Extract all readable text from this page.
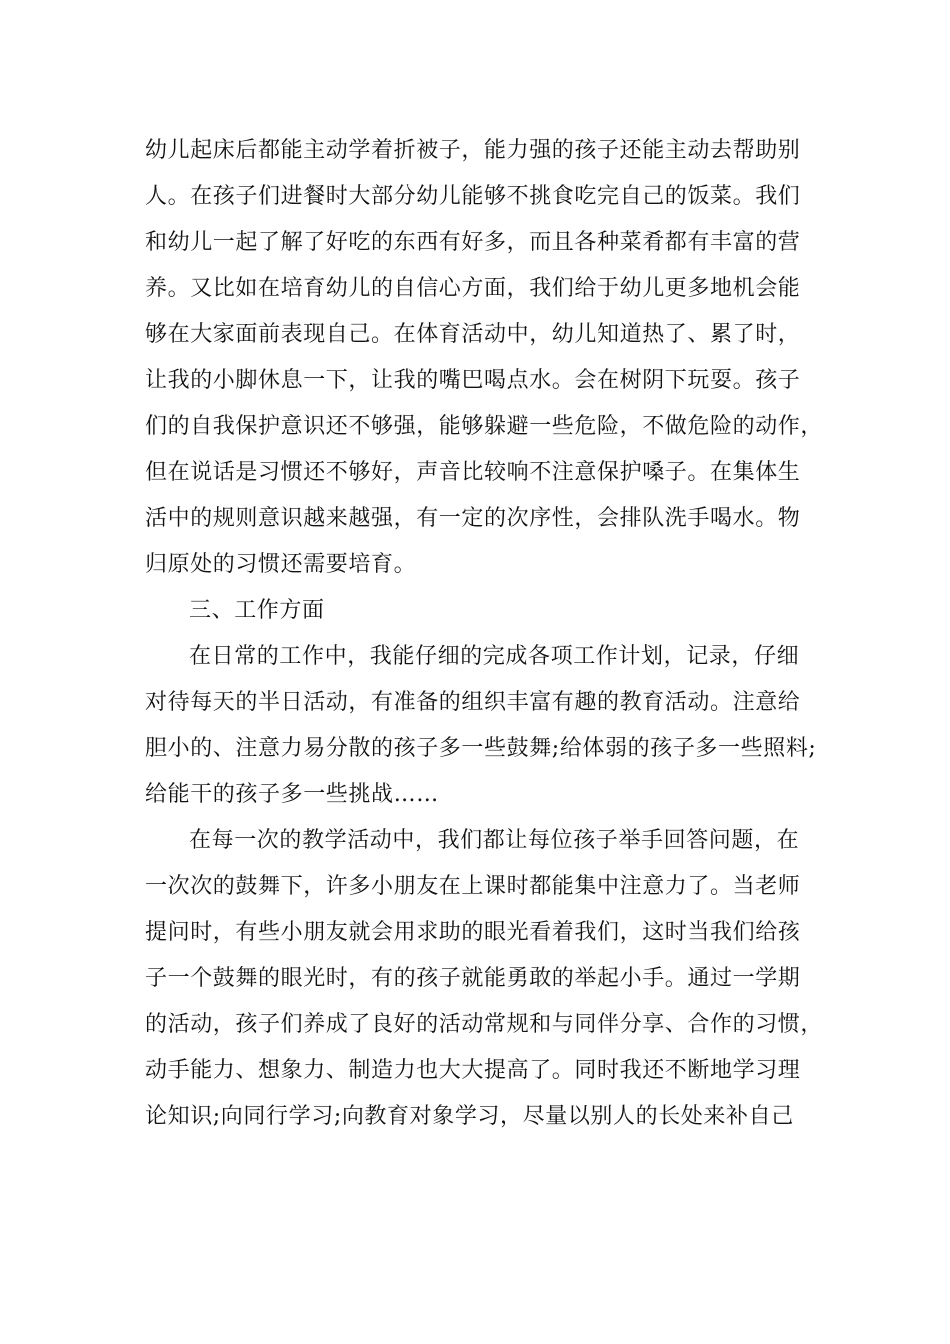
幼儿起床后都能主动学着折被子，能力强的孩子还能主动去帮助别
人。在孩子们进餐时大部分幼儿能够不挑食吃完自己的饭菜。我们
和幼儿一起了解了好吃的东西有好多，而且各种菜肴都有丰富的营
养。又比如在培育幼儿的自信心方面，我们给于幼儿更多地机会能
够在大家面前表现自己。在体育活动中，幼儿知道热了、累了时，
让我的小脚休息一下，让我的嘴巴喝点水。会在树阴下玩耍。孩子
们的自我保护意识还不够强，能够躲避一些危险，不做危险的动作，
但在说话是习惯还不够好，声音比较响不注意保护嗓子。在集体生
活中的规则意识越来越强，有一定的次序性，会排队洗手喝水。物
归原处的习惯还需要培育。
三、工作方面
在日常的工作中，我能仔细的完成各项工作计划，记录，仔细
对待每天的半日活动，有准备的组织丰富有趣的教育活动。注意给
胆小的、注意力易分散的孩子多一些鼓舞;给体弱的孩子多一些照料;
给能干的孩子多一些挑战……
在每一次的教学活动中，我们都让每位孩子举手回答问题，在
一次次的鼓舞下，许多小朋友在上课时都能集中注意力了。当老师
提问时，有些小朋友就会用求助的眼光看着我们，这时当我们给孩
子一个鼓舞的眼光时，有的孩子就能勇敢的举起小手。通过一学期
的活动，孩子们养成了良好的活动常规和与同伴分享、合作的习惯，
动手能力、想象力、制造力也大大提高了。同时我还不断地学习理
论知识;向同行学习;向教育对象学习，尽量以别人的长处来补自己
